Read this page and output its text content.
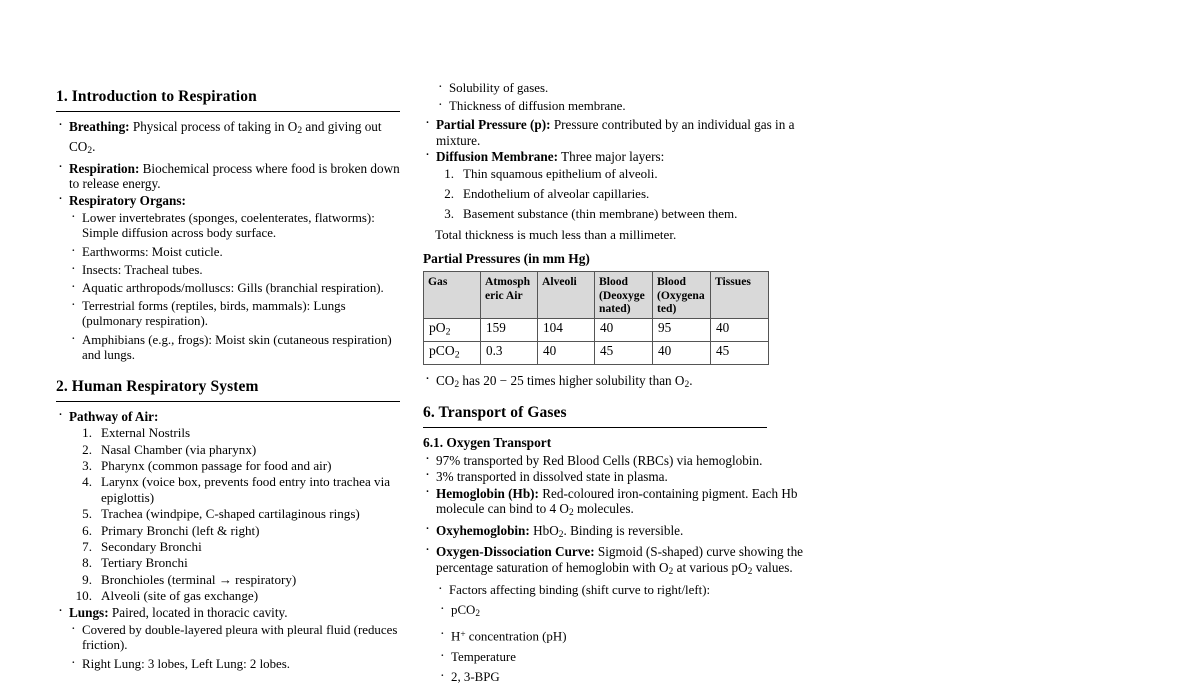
1. Introduction to Respiration
· Breathing: Physical process of taking in $O_2$ and giving out $CO_2$.
· Respiration: Biochemical process where food is broken down to release energy.
· Respiratory Organs:
· Lower invertebrates (sponges, coelenterates, flatworms): Simple diffusion across body surface.
· Earthworms: Moist cuticle.
· Insects: Tracheal tubes.
· Aquatic arthropods/molluscs: Gills (branchial respiration).
· Terrestrial forms (reptiles, birds, mammals): Lungs (pulmonary respiration).
· Amphibians (e.g., frogs): Moist skin (cutaneous respiration) and lungs.
2. Human Respiratory System
· Pathway of Air:
External Nostrils
Nasal Chamber (via pharynx)
Pharynx (common passage for food and air)
Larynx (voice box, prevents food entry into trachea via epiglottis)
Trachea (windpipe, C-shaped cartilaginous rings)
Primary Bronchi (left & right)
Secondary Bronchi
Tertiary Bronchi
Bronchioles (terminal → respiratory)
Alveoli (site of gas exchange)
· Lungs: Paired, located in thoracic cavity.
· Covered by double-layered pleura with pleural fluid (reduces friction).
· Right Lung: 3 lobes, Left Lung: 2 lobes.
· Solubility of gases.
· Thickness of diffusion membrane.
· Partial Pressure (p): Pressure contributed by an individual gas in a mixture.
· Diffusion Membrane: Three major layers:
Thin squamous epithelium of alveoli.
Endothelium of alveolar capillaries.
Basement substance (thin membrane) between them.

Total thickness is much less than a millimeter.

Partial Pressures (in mm Hg)
Gas	Atmospheric Air	Alveoli	Blood (Deoxygenated)	Blood (Oxygenated)	Tissues
$pO_2$	159	104	40	95	40
pCO$_2$	0.3	40	45	40	45
· $CO_2$ has 20 − 25 times higher solubility than $O_2$.
6. Transport of Gases
6.1. Oxygen Transport
· 97% transported by Red Blood Cells (RBCs) via hemoglobin.
· 3% transported in dissolved state in plasma.
· Hemoglobin (Hb): Red-coloured iron-containing pigment. Each Hb molecule can bind to 4 $O_2$ molecules.
· Oxyhemoglobin: HbO$_2$. Binding is reversible.
· Oxygen-Dissociation Curve: Sigmoid (S-shaped) curve showing the percentage saturation of hemoglobin with $O_2$ at various $pO_2$ values.
· Factors affecting binding (shift curve to right/left):
· pCO$_2$
· H+ concentration (pH)
· Temperature
· 2, 3-BPG
